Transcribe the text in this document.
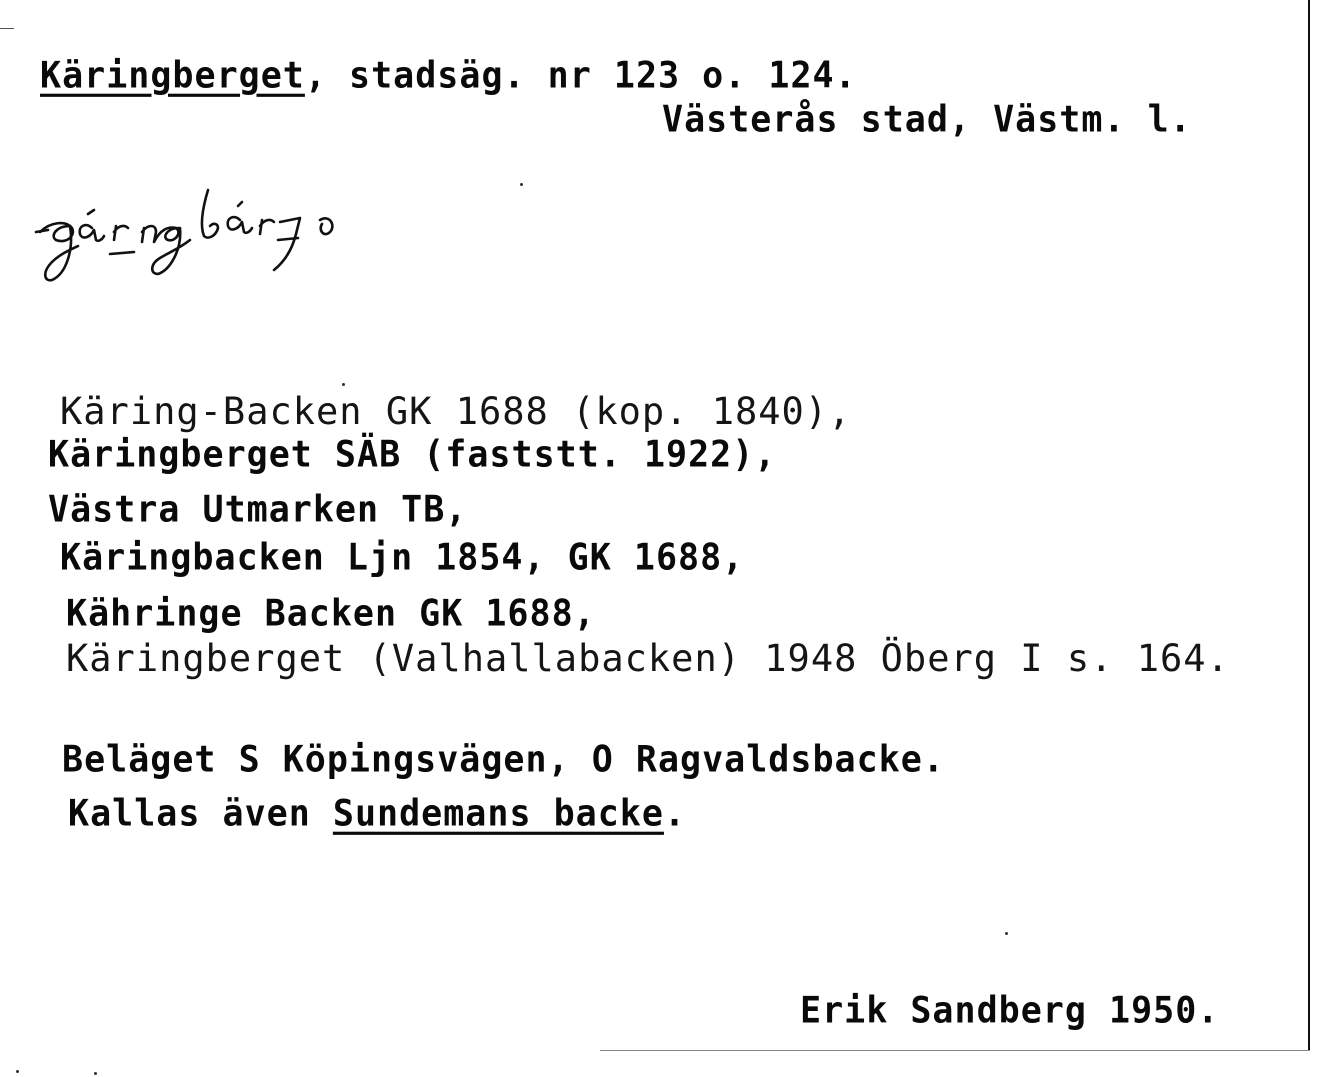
Käringberget, stadsäg. nr 123 o. 124.
Västerås stad, Västm. l.
Käring-Backen GK 1688 (kop. 1840),
Käringberget SÄB (faststt. 1922),
Västra Utmarken TB,
Käringbacken Ljn 1854, GK 1688,
Kähringe Backen GK 1688,
Käringberget (Valhallabacken) 1948 Öberg I s. 164.
Beläget S Köpingsvägen, O Ragvaldsbacke.
Kallas även Sundemans backe.
Erik Sandberg 1950.
